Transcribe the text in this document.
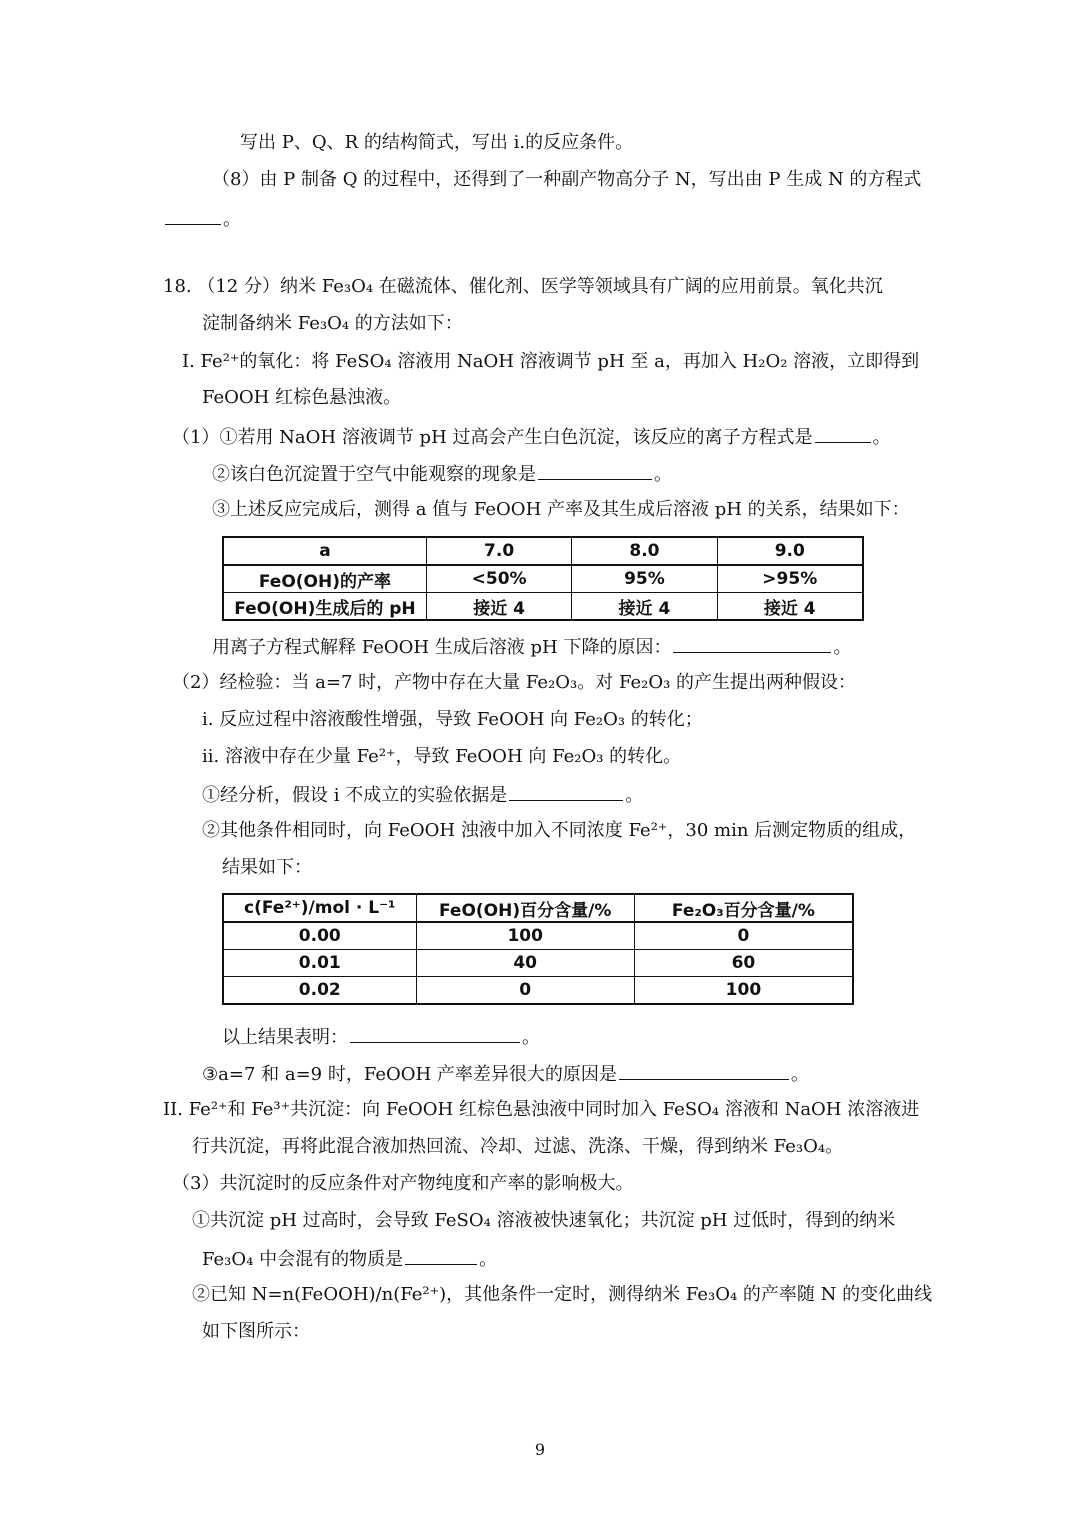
写出 P、Q、R 的结构简式，写出 i.的反应条件。
（8）由 P 制备 Q 的过程中，还得到了一种副产物高分子 N，写出由 P 生成 N 的方程式
。
18. （12 分）纳米 Fe₃O₄ 在磁流体、催化剂、医学等领域具有广阔的应用前景。氧化共沉
淀制备纳米 Fe₃O₄ 的方法如下：
I. Fe²⁺的氧化：将 FeSO₄ 溶液用 NaOH 溶液调节 pH 至 a，再加入 H₂O₂ 溶液，立即得到
FeOOH 红棕色悬浊液。
（1）①若用 NaOH 溶液调节 pH 过高会产生白色沉淀，该反应的离子方程式是	。
②该白色沉淀置于空气中能观察的现象是	。
③上述反应完成后，测得 a 值与 FeOOH 产率及其生成后溶液 pH 的关系，结果如下：
a	7.0	8.0	9.0
FeO(OH)的产率	<50%	95%	>95%
FeO(OH)生成后的 pH	接近 4	接近 4	接近 4
用离子方程式解释 FeOOH 生成后溶液 pH 下降的原因：	。
（2）经检验：当 a=7 时，产物中存在大量 Fe₂O₃。对 Fe₂O₃ 的产生提出两种假设：
i. 反应过程中溶液酸性增强，导致 FeOOH 向 Fe₂O₃ 的转化；
ii. 溶液中存在少量 Fe²⁺，导致 FeOOH 向 Fe₂O₃ 的转化。
①经分析，假设 i 不成立的实验依据是	。
②其他条件相同时，向 FeOOH 浊液中加入不同浓度 Fe²⁺，30 min 后测定物质的组成，
结果如下：
c(Fe²⁺)/mol · L⁻¹	FeO(OH)百分含量/%	Fe₂O₃百分含量/%
0.00	100	0
0.01	40	60
0.02	0	100
以上结果表明：	。
③a=7 和 a=9 时，FeOOH 产率差异很大的原因是	。
II. Fe²⁺和 Fe³⁺共沉淀：向 FeOOH 红棕色悬浊液中同时加入 FeSO₄ 溶液和 NaOH 浓溶液进
行共沉淀，再将此混合液加热回流、冷却、过滤、洗涤、干燥，得到纳米 Fe₃O₄。
（3）共沉淀时的反应条件对产物纯度和产率的影响极大。
①共沉淀 pH 过高时，会导致 FeSO₄ 溶液被快速氧化；共沉淀 pH 过低时，得到的纳米
Fe₃O₄ 中会混有的物质是	。
②已知 N=n(FeOOH)/n(Fe²⁺)，其他条件一定时，测得纳米 Fe₃O₄ 的产率随 N 的变化曲线
如下图所示：
9
